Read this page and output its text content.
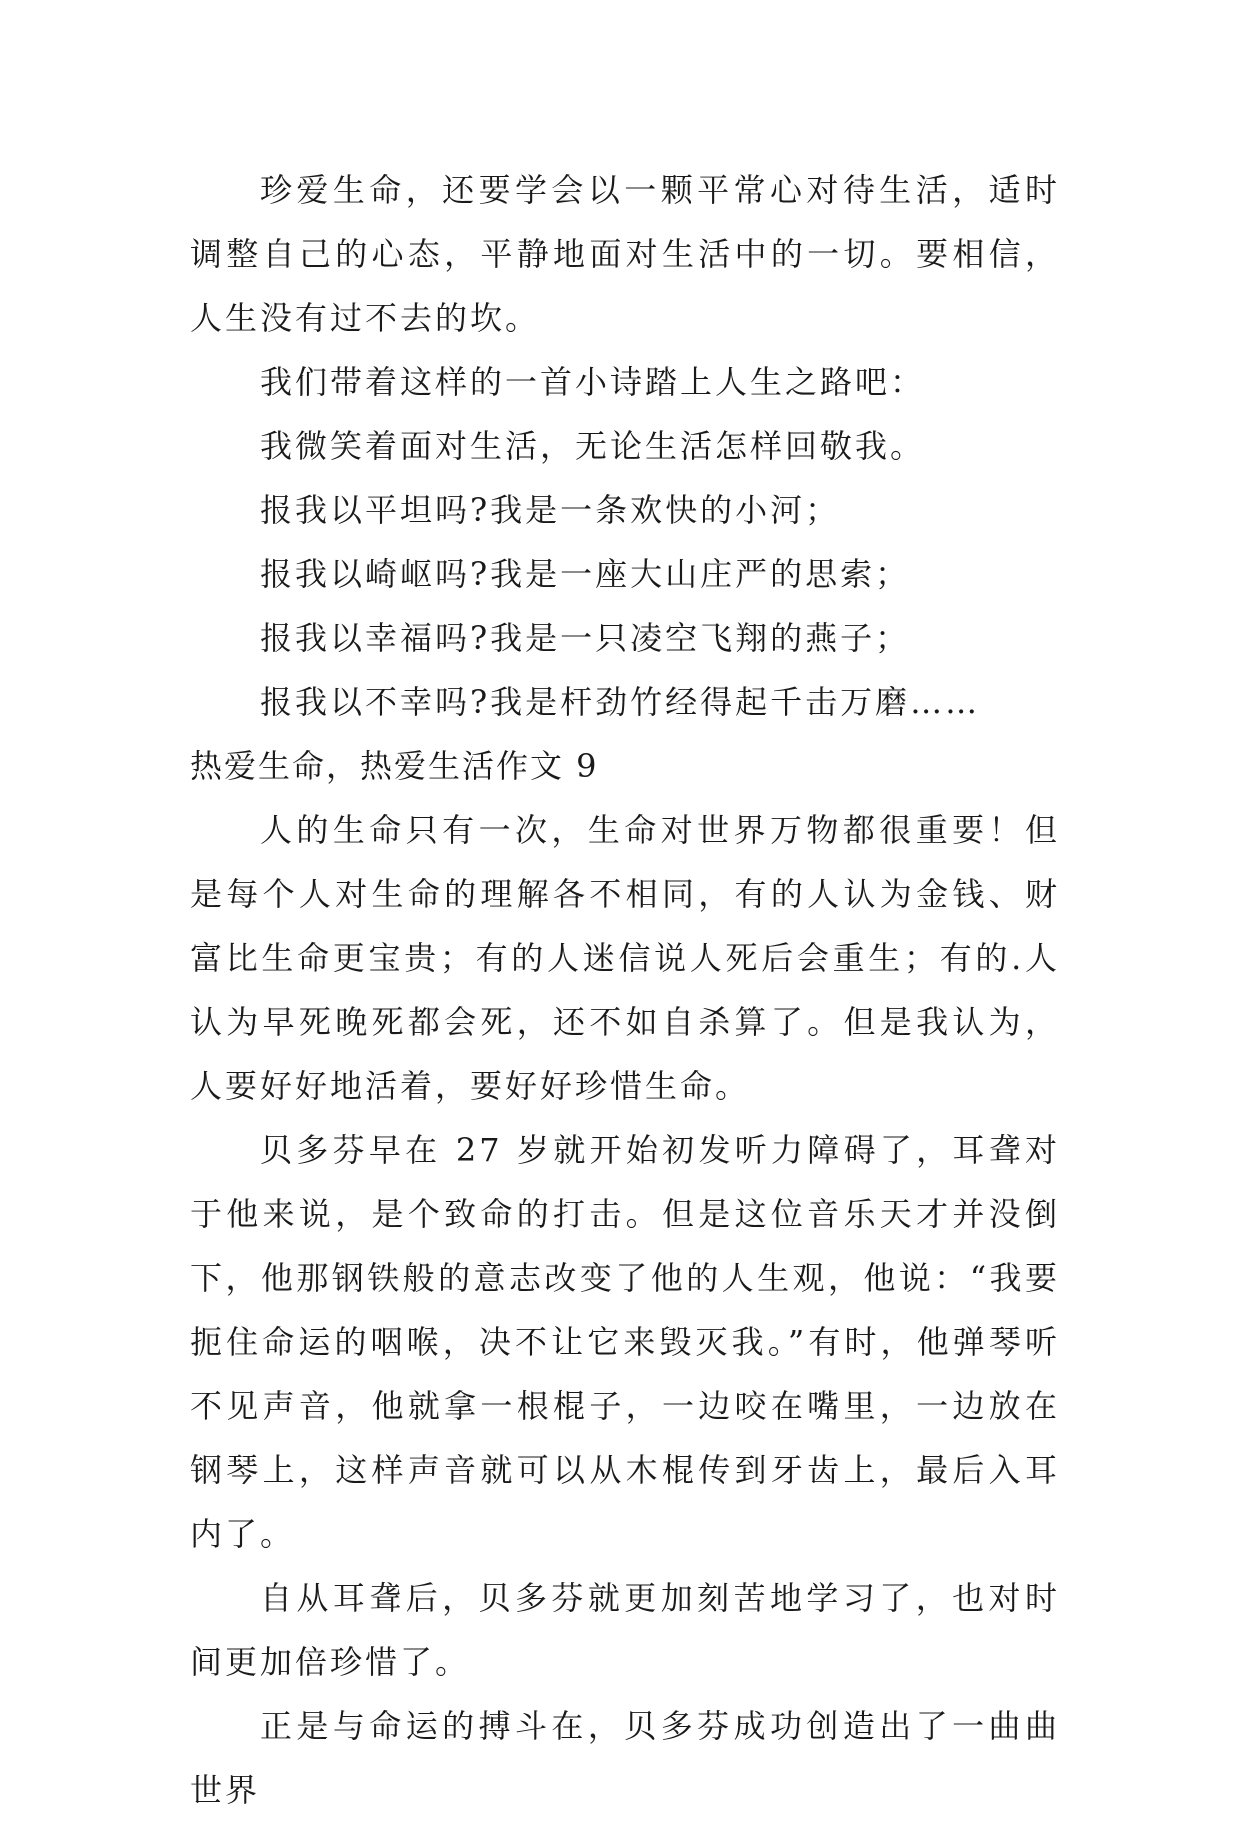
珍爱生命，还要学会以一颗平常心对待生活，适时调整自己的心态，平静地面对生活中的一切。要相信，人生没有过不去的坎。

我们带着这样的一首小诗踏上人生之路吧：

我微笑着面对生活，无论生活怎样回敬我。

报我以平坦吗?我是一条欢快的小河；

报我以崎岖吗?我是一座大山庄严的思索；

报我以幸福吗?我是一只凌空飞翔的燕子；

报我以不幸吗?我是杆劲竹经得起千击万磨……

热爱生命，热爱生活作文 9

人的生命只有一次，生命对世界万物都很重要！但是每个人对生命的理解各不相同，有的人认为金钱、财富比生命更宝贵；有的人迷信说人死后会重生；有的.人认为早死晚死都会死，还不如自杀算了。但是我认为，人要好好地活着，要好好珍惜生命。

贝多芬早在 27 岁就开始初发听力障碍了，耳聋对于他来说，是个致命的打击。但是这位音乐天才并没倒下，他那钢铁般的意志改变了他的人生观，他说：“我要扼住命运的咽喉，决不让它来毁灭我。”有时，他弹琴听不见声音，他就拿一根棍子，一边咬在嘴里，一边放在钢琴上，这样声音就可以从木棍传到牙齿上，最后入耳内了。

自从耳聋后，贝多芬就更加刻苦地学习了，也对时间更加倍珍惜了。

正是与命运的搏斗在，贝多芬成功创造出了一曲曲世界
